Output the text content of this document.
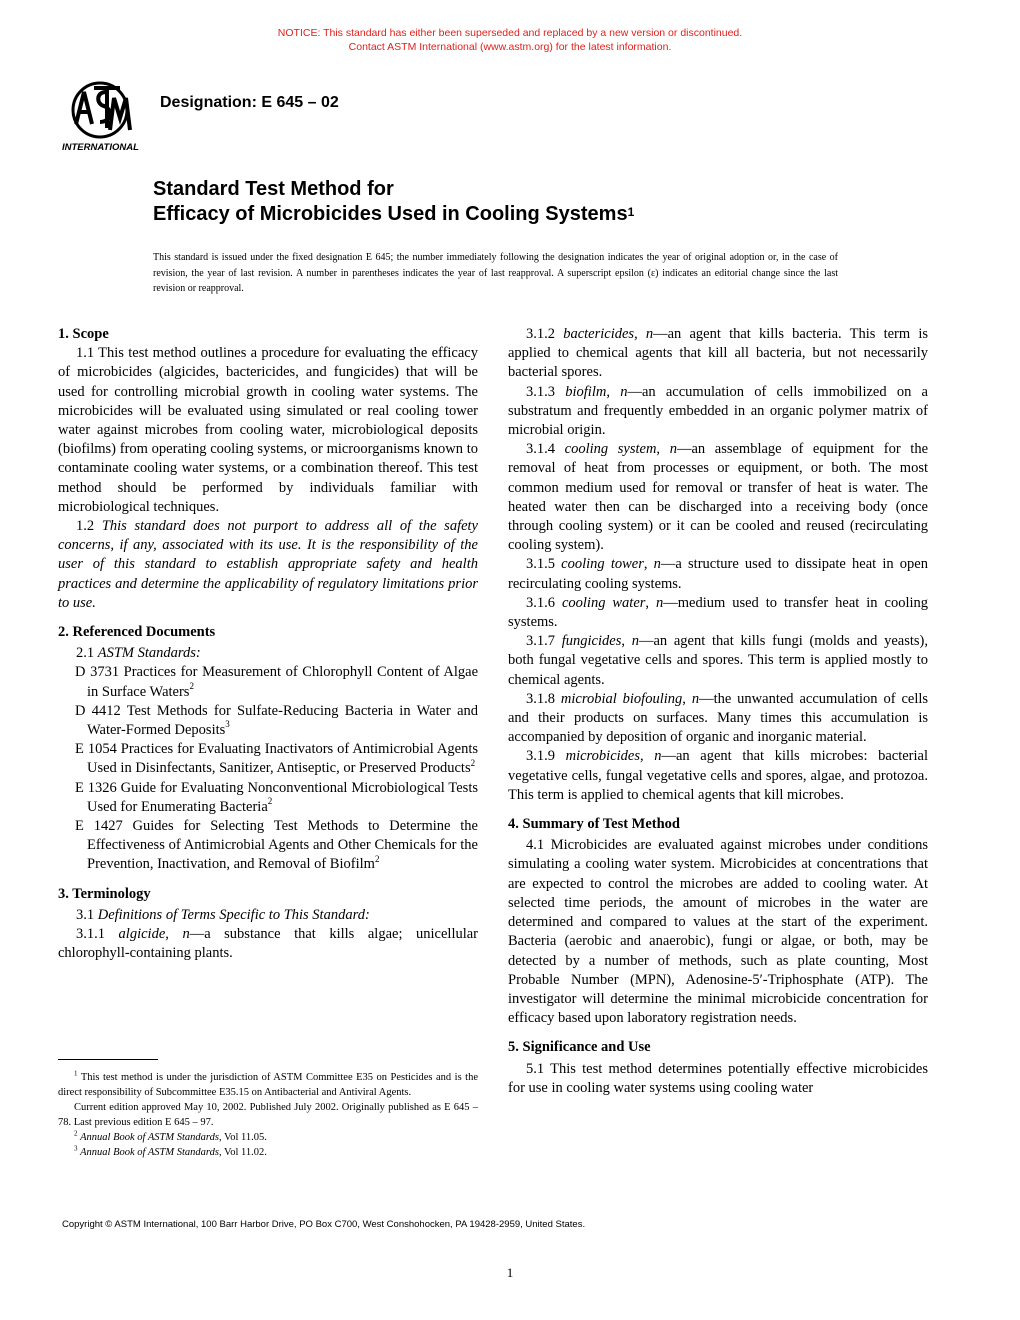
NOTICE: This standard has either been superseded and replaced by a new version or discontinued.
Contact ASTM International (www.astm.org) for the latest information.
INTERNATIONAL
Designation: E 645 – 02
Standard Test Method for
Efficacy of Microbicides Used in Cooling Systems$^1$
This standard is issued under the fixed designation E 645; the number immediately following the designation indicates the year of original adoption or, in the case of revision, the year of last revision. A number in parentheses indicates the year of last reapproval. A superscript epsilon (ε) indicates an editorial change since the last revision or reapproval.
1. Scope

1.1 This test method outlines a procedure for evaluating the efficacy of microbicides (algicides, bactericides, and fungicides) that will be used for controlling microbial growth in cooling water systems. The microbicides will be evaluated using simulated or real cooling tower water against microbes from cooling water, microbiological deposits (biofilms) from operating cooling systems, or microorganisms known to contaminate cooling water systems, or a combination thereof. This test method should be performed by individuals familiar with microbiological techniques.

1.2 This standard does not purport to address all of the safety concerns, if any, associated with its use. It is the responsibility of the user of this standard to establish appropriate safety and health practices and determine the applicability of regulatory limitations prior to use.

2. Referenced Documents

2.1 ASTM Standards:

D 3731 Practices for Measurement of Chlorophyll Content of Algae in Surface Waters$^2$

D 4412 Test Methods for Sulfate-Reducing Bacteria in Water and Water-Formed Deposits$^3$

E 1054 Practices for Evaluating Inactivators of Antimicrobial Agents Used in Disinfectants, Sanitizer, Antiseptic, or Preserved Products$^2$

E 1326 Guide for Evaluating Nonconventional Microbiological Tests Used for Enumerating Bacteria$^2$

E 1427 Guides for Selecting Test Methods to Determine the Effectiveness of Antimicrobial Agents and Other Chemicals for the Prevention, Inactivation, and Removal of Biofilm$^2$

3. Terminology

3.1 Definitions of Terms Specific to This Standard:

3.1.1 algicide, n—a substance that kills algae; unicellular chlorophyll-containing plants.

$^1$ This test method is under the jurisdiction of ASTM Committee E35 on Pesticides and is the direct responsibility of Subcommittee E35.15 on Antibacterial and Antiviral Agents.

Current edition approved May 10, 2002. Published July 2002. Originally published as E 645 – 78. Last previous edition E 645 – 97.

$^2$ Annual Book of ASTM Standards, Vol 11.05.

$^3$ Annual Book of ASTM Standards, Vol 11.02.

3.1.2 bactericides, n—an agent that kills bacteria. This term is applied to chemical agents that kill all bacteria, but not necessarily bacterial spores.

3.1.3 biofilm, n—an accumulation of cells immobilized on a substratum and frequently embedded in an organic polymer matrix of microbial origin.

3.1.4 cooling system, n—an assemblage of equipment for the removal of heat from processes or equipment, or both. The most common medium used for removal or transfer of heat is water. The heated water then can be discharged into a receiving body (once through cooling system) or it can be cooled and reused (recirculating cooling system).

3.1.5 cooling tower, n—a structure used to dissipate heat in open recirculating cooling systems.

3.1.6 cooling water, n—medium used to transfer heat in cooling systems.

3.1.7 fungicides, n—an agent that kills fungi (molds and yeasts), both fungal vegetative cells and spores. This term is applied mostly to chemical agents.

3.1.8 microbial biofouling, n—the unwanted accumulation of cells and their products on surfaces. Many times this accumulation is accompanied by deposition of organic and inorganic material.

3.1.9 microbicides, n—an agent that kills microbes: bacterial vegetative cells, fungal vegetative cells and spores, algae, and protozoa. This term is applied to chemical agents that kill microbes.

4. Summary of Test Method

4.1 Microbicides are evaluated against microbes under conditions simulating a cooling water system. Microbicides at concentrations that are expected to control the microbes are added to cooling water. At selected time periods, the amount of microbes in the water are determined and compared to values at the start of the experiment. Bacteria (aerobic and anaerobic), fungi or algae, or both, may be detected by a number of methods, such as plate counting, Most Probable Number (MPN), Adenosine-5′-Triphosphate (ATP). The investigator will determine the minimal microbicide concentration for efficacy based upon laboratory registration needs.

5. Significance and Use

5.1 This test method determines potentially effective microbicides for use in cooling water systems using cooling water

Copyright © ASTM International, 100 Barr Harbor Drive, PO Box C700, West Conshohocken, PA 19428-2959, United States.
1
